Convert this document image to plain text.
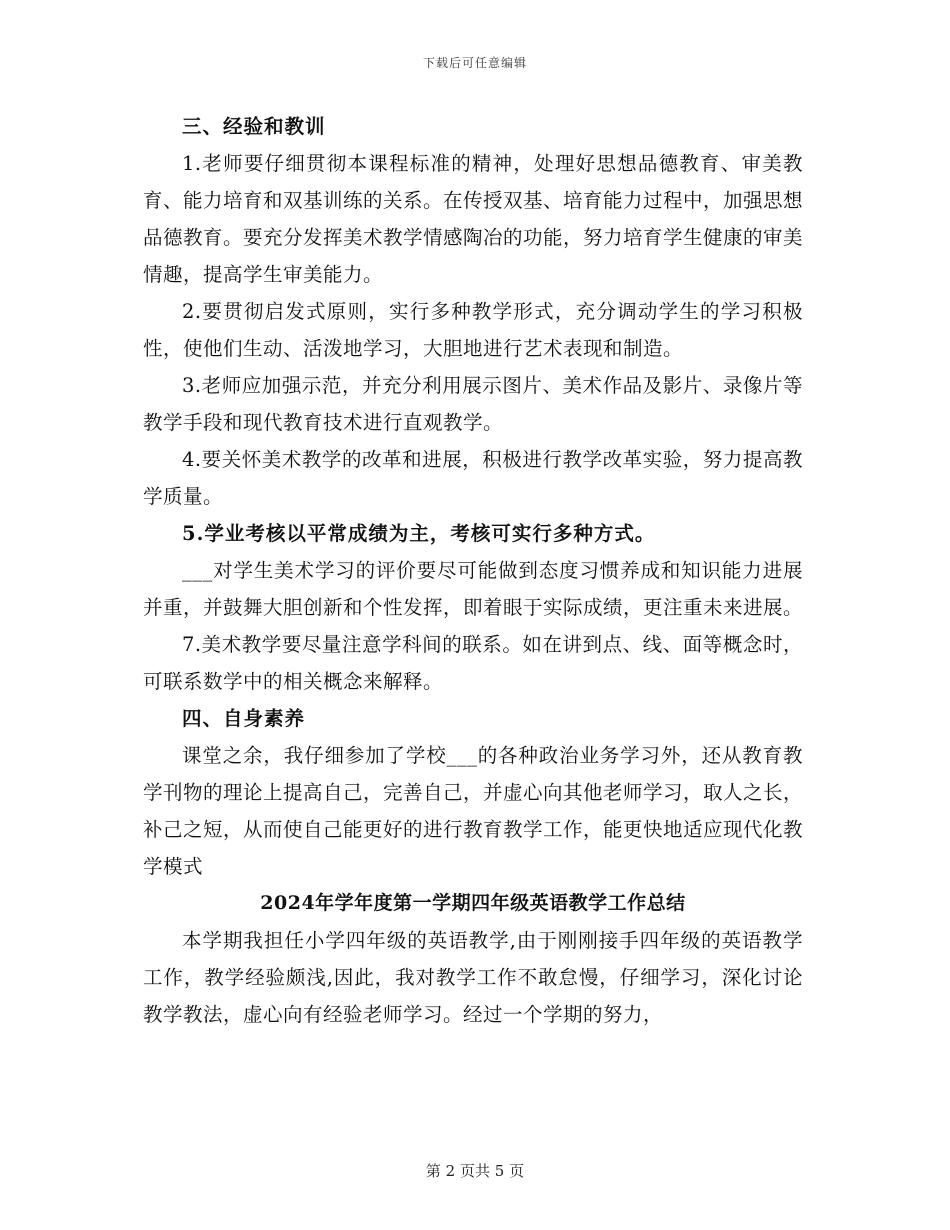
下载后可任意编辑

三、经验和教训

1.老师要仔细贯彻本课程标准的精神，处理好思想品德教育、审美教育、能力培育和双基训练的关系。在传授双基、培育能力过程中，加强思想品德教育。要充分发挥美术教学情感陶冶的功能，努力培育学生健康的审美情趣，提高学生审美能力。

2.要贯彻启发式原则，实行多种教学形式，充分调动学生的学习积极性，使他们生动、活泼地学习，大胆地进行艺术表现和制造。

3.老师应加强示范，并充分利用展示图片、美术作品及影片、录像片等教学手段和现代教育技术进行直观教学。

4.要关怀美术教学的改革和进展，积极进行教学改革实验，努力提高教学质量。

5.学业考核以平常成绩为主，考核可实行多种方式。

___对学生美术学习的评价要尽可能做到态度习惯养成和知识能力进展并重，并鼓舞大胆创新和个性发挥，即着眼于实际成绩，更注重未来进展。

7.美术教学要尽量注意学科间的联系。如在讲到点、线、面等概念时，可联系数学中的相关概念来解释。

四、自身素养

课堂之余，我仔细参加了学校___的各种政治业务学习外，还从教育教学刊物的理论上提高自己，完善自己，并虚心向其他老师学习，取人之长，补己之短，从而使自己能更好的进行教育教学工作，能更快地适应现代化教学模式

2024年学年度第一学期四年级英语教学工作总结

本学期我担任小学四年级的英语教学,由于刚刚接手四年级的英语教学工作，教学经验颇浅,因此，我对教学工作不敢怠慢，仔细学习，深化讨论教学教法，虚心向有经验老师学习。经过一个学期的努力，

第 2 页共 5 页
